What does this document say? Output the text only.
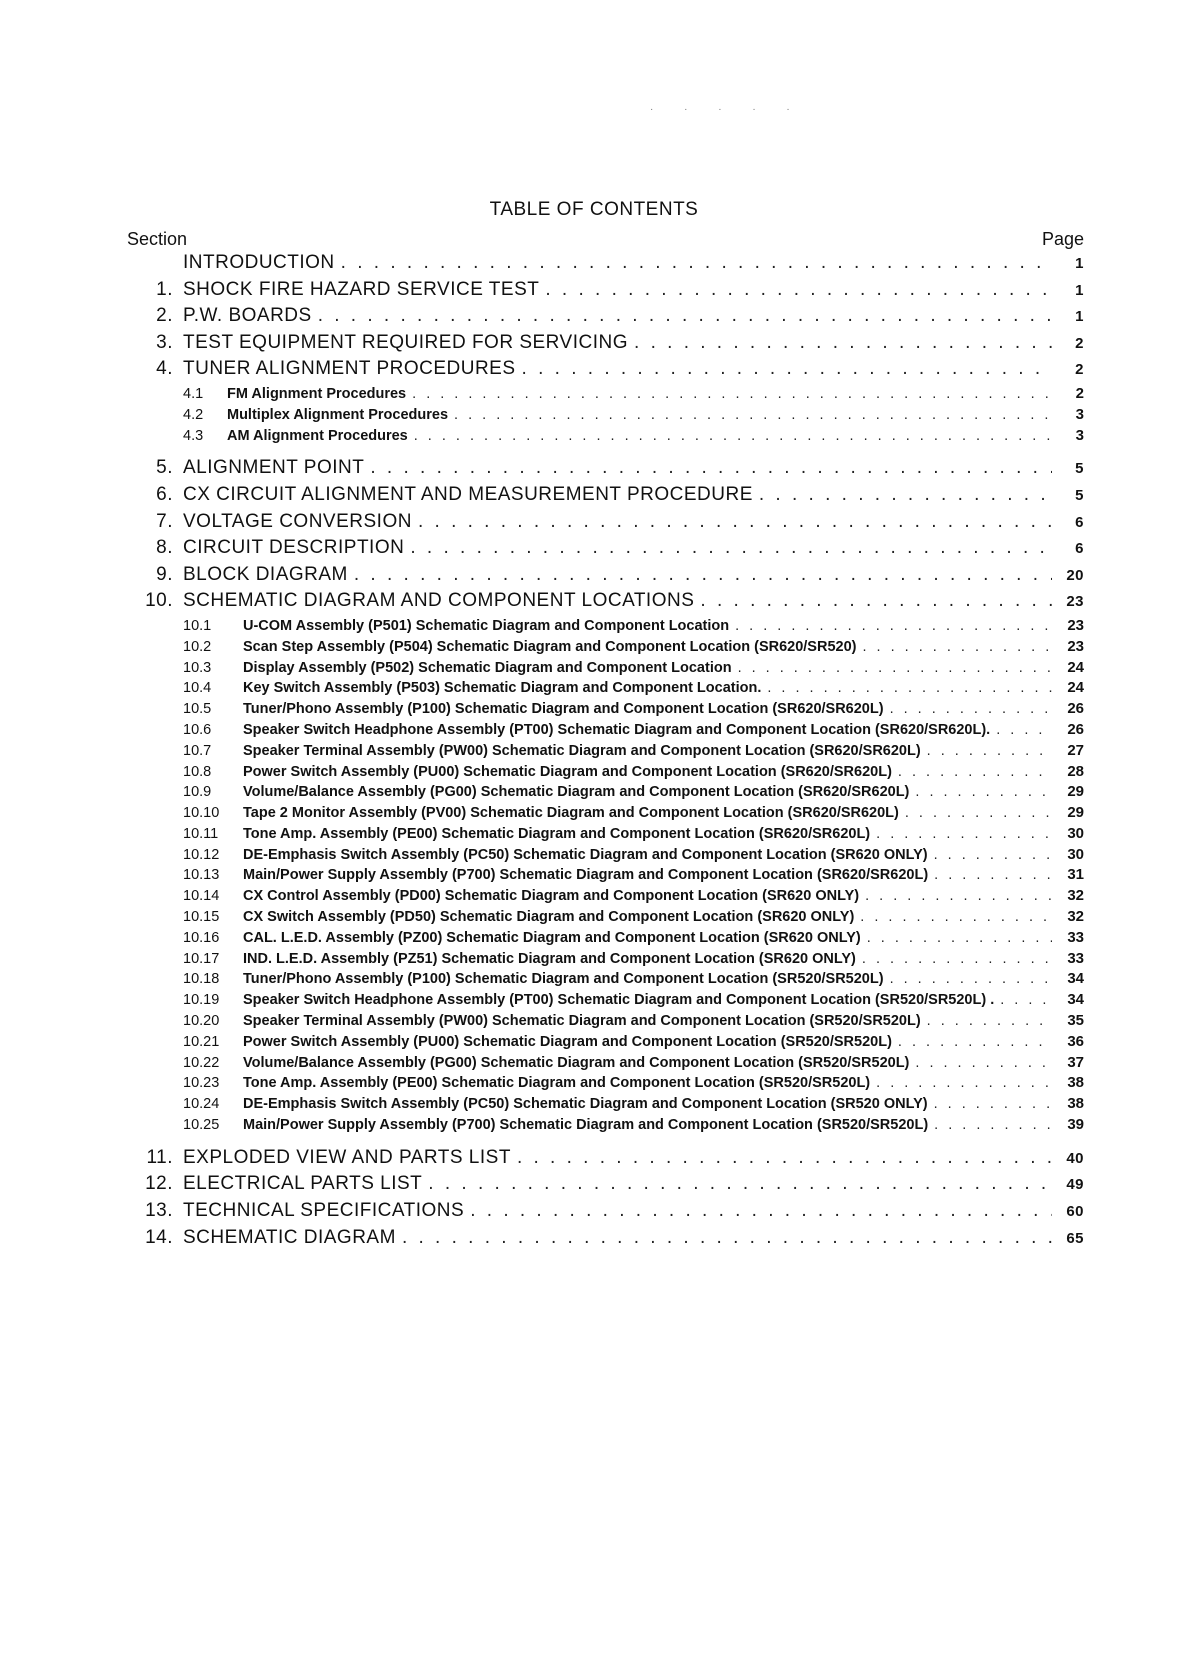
· · · · ·
TABLE OF CONTENTS
Section	Page
INTRODUCTION . . .	1
1. SHOCK FIRE HAZARD SERVICE TEST . . .	1
2. P.W. BOARDS . . .	1
3. TEST EQUIPMENT REQUIRED FOR SERVICING . . .	2
4. TUNER ALIGNMENT PROCEDURES . . .	2
4.1	FM Alignment Procedures . . .	2
4.2	Multiplex Alignment Procedures . . .	3
4.3	AM Alignment Procedures . . .	3
5. ALIGNMENT POINT . . .	5
6. CX CIRCUIT ALIGNMENT AND MEASUREMENT PROCEDURE . . .	5
7. VOLTAGE CONVERSION . . .	6
8. CIRCUIT DESCRIPTION . . .	6
9. BLOCK DIAGRAM . . .	20
10. SCHEMATIC DIAGRAM AND COMPONENT LOCATIONS . . .	23
10.1	U-COM Assembly (P501) Schematic Diagram and Component Location . . .	23
10.2	Scan Step Assembly (P504) Schematic Diagram and Component Location (SR620/SR520) . . .	23
10.3	Display Assembly (P502) Schematic Diagram and Component Location . . .	24
10.4	Key Switch Assembly (P503) Schematic Diagram and Component Location. . . .	24
10.5	Tuner/Phono Assembly (P100) Schematic Diagram and Component Location (SR620/SR620L) . . .	26
10.6	Speaker Switch Headphone Assembly (PT00) Schematic Diagram and Component Location (SR620/SR620L). . . .	26
10.7	Speaker Terminal Assembly (PW00) Schematic Diagram and Component Location (SR620/SR620L) . . .	27
10.8	Power Switch Assembly (PU00) Schematic Diagram and Component Location (SR620/SR620L) . . .	28
10.9	Volume/Balance Assembly (PG00) Schematic Diagram and Component Location (SR620/SR620L) . . .	29
10.10	Tape 2 Monitor Assembly (PV00) Schematic Diagram and Component Location (SR620/SR620L) . . .	29
10.11	Tone Amp. Assembly (PE00) Schematic Diagram and Component Location (SR620/SR620L) . . .	30
10.12	DE-Emphasis Switch Assembly (PC50) Schematic Diagram and Component Location (SR620 ONLY) . . .	30
10.13	Main/Power Supply Assembly (P700) Schematic Diagram and Component Location (SR620/SR620L) . . .	31
10.14	CX Control Assembly (PD00) Schematic Diagram and Component Location (SR620 ONLY) . . .	32
10.15	CX Switch Assembly (PD50) Schematic Diagram and Component Location (SR620 ONLY) . . .	32
10.16	CAL. L.E.D. Assembly (PZ00) Schematic Diagram and Component Location (SR620 ONLY) . . .	33
10.17	IND. L.E.D. Assembly (PZ51) Schematic Diagram and Component Location (SR620 ONLY) . . .	33
10.18	Tuner/Phono Assembly (P100) Schematic Diagram and Component Location (SR520/SR520L) . . .	34
10.19	Speaker Switch Headphone Assembly (PT00) Schematic Diagram and Component Location (SR520/SR520L) . . . .	34
10.20	Speaker Terminal Assembly (PW00) Schematic Diagram and Component Location (SR520/SR520L) . . .	35
10.21	Power Switch Assembly (PU00) Schematic Diagram and Component Location (SR520/SR520L) . . .	36
10.22	Volume/Balance Assembly (PG00) Schematic Diagram and Component Location (SR520/SR520L) . . .	37
10.23	Tone Amp. Assembly (PE00) Schematic Diagram and Component Location (SR520/SR520L) . . .	38
10.24	DE-Emphasis Switch Assembly (PC50) Schematic Diagram and Component Location (SR520 ONLY) . . .	38
10.25	Main/Power Supply Assembly (P700) Schematic Diagram and Component Location (SR520/SR520L) . . .	39
11. EXPLODED VIEW AND PARTS LIST . . .	40
12. ELECTRICAL PARTS LIST . . .	49
13. TECHNICAL SPECIFICATIONS . . .	60
14. SCHEMATIC DIAGRAM . . .	65
